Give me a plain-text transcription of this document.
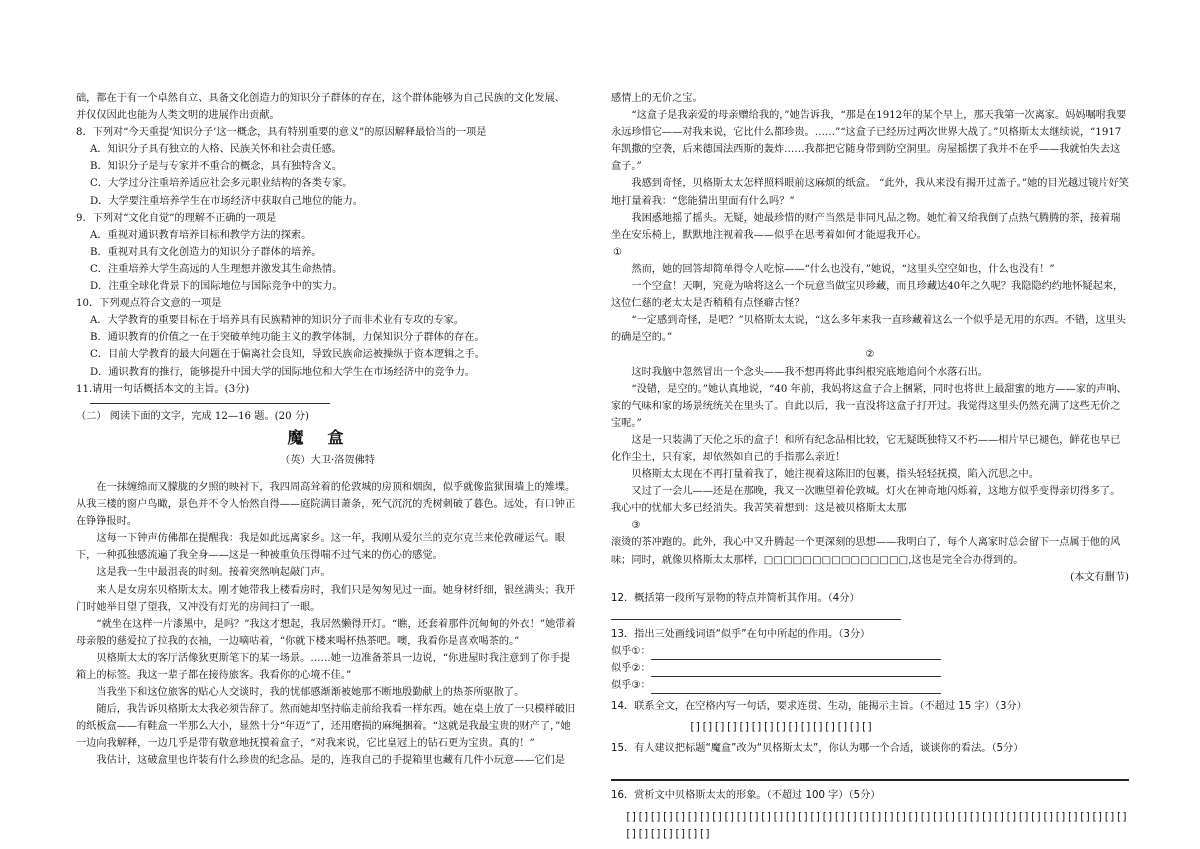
础，都在于有一个卓然自立、具备文化创造力的知识分子群体的存在，这个群体能够为自己民族的文化发展、

并仅仅因此也能为人类文明的进展作出贡献。

8．下列对“今天重提‘知识分子’这一概念，具有特别重要的意义”的原因解释最恰当的一项是

A．知识分子具有独立的人格、民族关怀和社会责任感。

B．知识分子是与专家并不重合的概念，具有独特含义。

C．大学过分注重培养适应社会多元职业结构的各类专家。

D．大学要注重培养学生在市场经济中获取自己地位的能力。

9．下列对“文化自觉”的理解不正确的一项是

A．重视对通识教育培养目标和教学方法的探索。

B．重视对具有文化创造力的知识分子群体的培养。

C．注重培养大学生高远的人生理想并激发其生命热情。

D．注重全球化背景下的国际地位与国际竞争中的实力。

10．下列观点符合文意的一项是

A．大学教育的重要目标在于培养具有民族精神的知识分子而非术业有专攻的专家。

B．通识教育的价值之一在于突破单纯功能主义的教学体制，力保知识分子群体的存在。

C．目前大学教育的最大问题在于偏离社会良知，导致民族命运被操纵于资本逻辑之手。

D．通识教育的推行，能够提升中国大学的国际地位和大学生在市场经济中的竞争力。

11.请用一句话概括本文的主旨。(3分)

（二） 阅读下面的文字，完成 12—16 题。(20 分)

魔盒

（英）大卫·洛贺佛特

在一抹缠绵而又朦胧的夕照的映衬下，我四周高耸着的伦敦城的房顶和烟囱，似乎就像监狱围墙上的雉堞。从我三楼的窗户鸟瞰，景色并不令人怡然自得——庭院满目萧条，死气沉沉的秃树刺破了暮色。远处，有口钟正在铮铮报时。

这每一下钟声仿佛都在提醒我：我是如此远离家乡。这一年，我刚从爱尔兰的克尔克兰来伦敦碰运气。眼下，一种孤独感流遍了我全身——这是一种被重负压得喘不过气来的伤心的感觉。

这是我一生中最沮丧的时刻。接着突然响起敲门声。

来人是女房东贝格斯太太。刚才她带我上楼看房时，我们只是匆匆见过一面。她身材纤细，银丝满头；我开门时她举目望了望我，又冲没有灯光的房间扫了一眼。

“就坐在这样一片漆黑中，是吗？”我这才想起，我居然懒得开灯。“瞧，还套着那件沉甸甸的外衣！”她带着母亲般的慈爱拉了拉我的衣袖，一边嘀咕着，“你就下楼来喝杯热茶吧。噢，我看你是喜欢喝茶的。”

贝格斯太太的客厅活像狄更斯笔下的某一场景。……她一边准备茶具一边说，“你进屋时我注意到了你手提箱上的标签。我这一辈子都在接待旅客。我看你的心境不佳。”

当我坐下和这位旅客的贴心人交谈时，我的忧郁感渐渐被她那不断地殷勤献上的热茶所驱散了。

随后，我告诉贝格斯太太我必须告辞了。然而她却坚持临走前给我看一样东西。她在桌上放了一只模样破旧的纸板盒——有鞋盒一半那么大小，显然十分“年迈”了，还用磨损的麻绳捆着。“这就是我最宝贵的财产了，”她一边向我解释，一边几乎是带有敬意地抚摸着盒子，“对我来说，它比皇冠上的钻石更为宝贵。真的！”

我估计，这破盒里也许装有什么珍贵的纪念品。是的，连我自己的手提箱里也藏有几件小玩意——它们是

感情上的无价之宝。

“这盒子是我亲爱的母亲赠给我的，”她告诉我，“那是在1912年的某个早上，那天我第一次离家。妈妈嘱咐我要永远珍惜它——对我来说，它比什么都珍贵。……”“这盒子已经历过两次世界大战了。”贝格斯太太继续说，“1917 年凯撒的空袭，后来德国法西斯的轰炸……我都把它随身带到防空洞里。房屋摇摆了我并不在乎——我就怕失去这盒子。”

我感到奇怪，贝格斯太太怎样照料眼前这麻烦的纸盒。 “此外，我从来没有揭开过盖子。”她的目光越过镜片好笑地打量着我：“您能猜出里面有什么吗？”

我困惑地摇了摇头。无疑，她最珍惜的财产当然是非同凡品之物。她忙着又给我倒了点热气腾腾的茶，接着瑞坐在安乐椅上，默默地注视着我——似乎在思考着如何才能逗我开心。

①

然而，她的回答却简单得令人吃惊——“什么也没有，”她说，“这里头空空如也，什么也没有！”

一个空盒！天啊，究竟为啥将这么一个玩意当做宝贝珍藏，而且珍藏达40年之久呢？我隐隐约约地怀疑起来，这位仁慈的老太太是否稍稍有点怪癖古怪？

“一定感到奇怪，是吧？”贝格斯太太说，“这么多年来我一直珍藏着这么一个似乎是无用的东西。不错，这里头的确是空的。”

②

这时我脑中忽然冒出一个念头——我不想再将此事纠根究底地追问个水落石出。

“没错，是空的。”她认真地说，“40 年前，我妈将这盒子合上捆紧，同时也将世上最甜蜜的地方——家的声响、家的气味和家的场景统统关在里头了。自此以后，我一直没将这盒子打开过。我觉得这里头仍然充满了这些无价之宝呢。”

这是一只装满了天伦之乐的盒子！和所有纪念品相比较，它无疑既独特又不朽——相片早已褪色，鲜花也早已化作尘土，只有家，却依然如自己的手指那么亲近！

贝格斯太太现在不再打量着我了，她注视着这陈旧的包裹，指头轻轻抚摸，陷入沉思之中。

又过了一会儿——还是在那晚，我又一次瞧望着伦敦城。灯火在神奇地闪烁着，这地方似乎变得亲切得多了。我心中的忧郁大多已经消失。我苦笑着想到：这是被贝格斯太太那

③

滚烫的茶冲跑的。此外，我心中又升腾起一个更深刻的思想——我明白了，每个人离家时总会留下一点属于他的风味；同时，就像贝格斯太太那样，□□□□□□□□□□□□□□□,这也是完全合办得到的。

(本文有删节)

12．概括第一段所写景物的特点并简析其作用。（4分）

13．指出三处画线词语“似乎”在句中所起的作用。（3分）

似乎①：

似乎②：

似乎③：

14．联系全文，在空格内写一句话，要求连贯、生动，能揭示主旨。（不超过 15 字）（3分）

[][][][][][][][][][][][][][][]

15．有人建议把标题“魔盒”改为“贝格斯太太”，你认为哪一个合适，谈谈你的看法。（5分）

16．赏析文中贝格斯太太的形象。（不超过 100 字）（5分）

[][][][][][][][][][][][][][][][][][][][][][][][][][][][][][][][][][][][][][][][][][][][][][][][]
